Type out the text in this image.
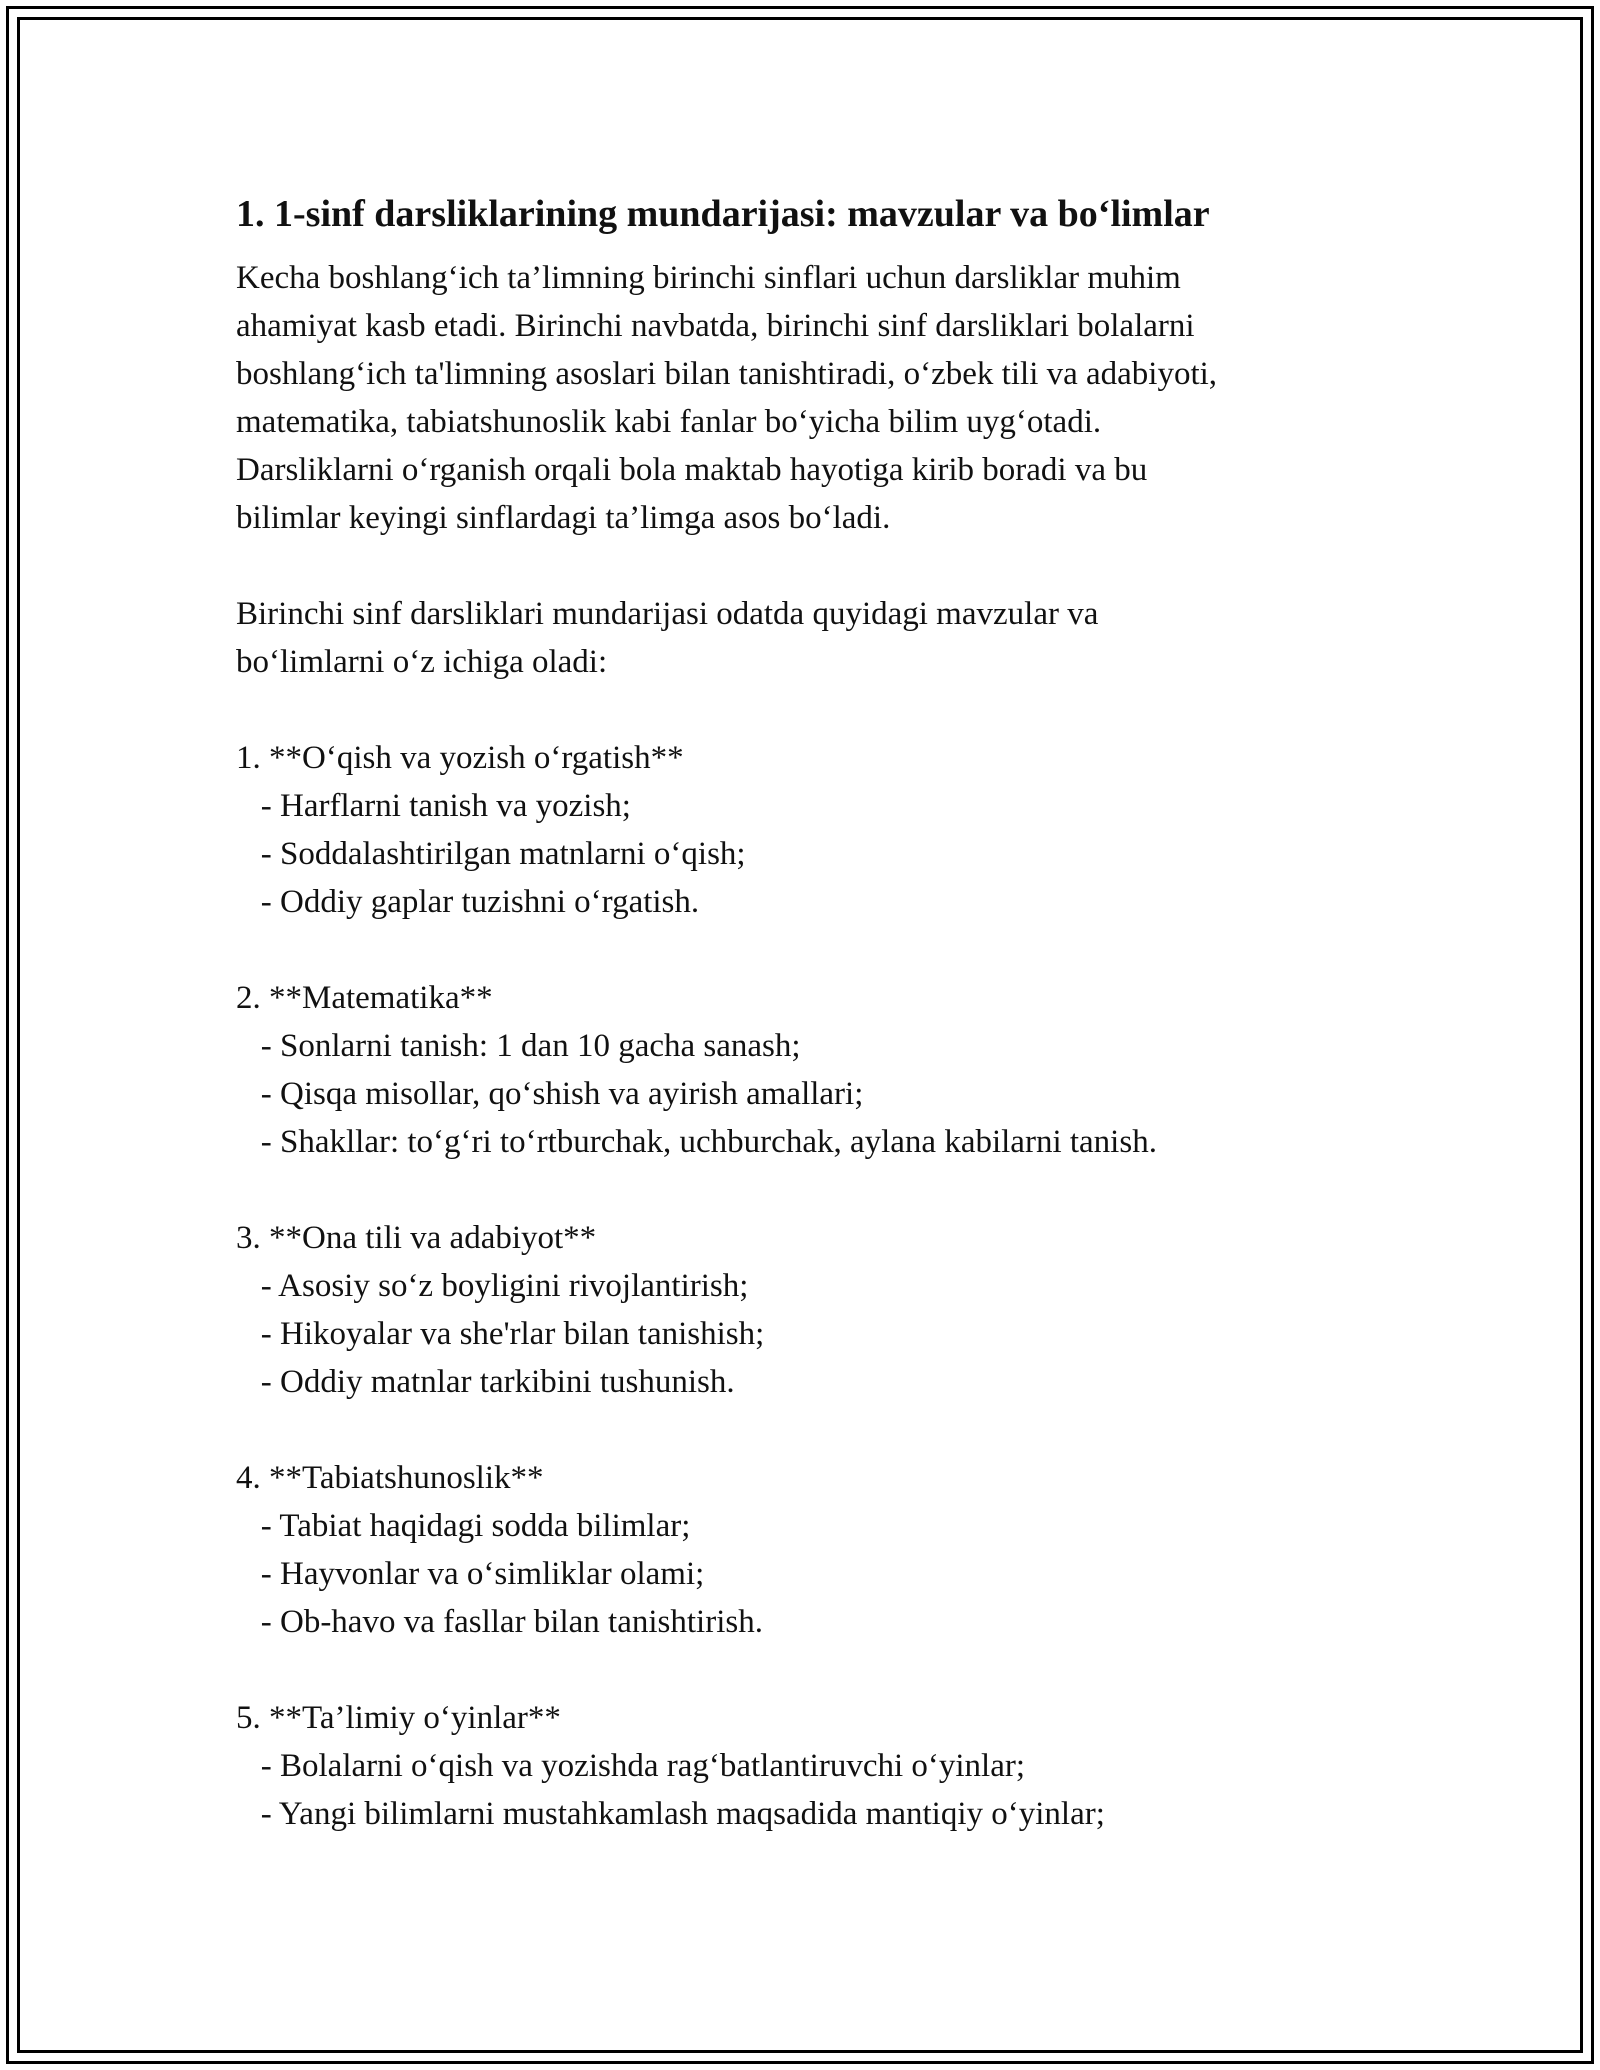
1. 1-sinf darsliklarining mundarijasi: mavzular va bo‘limlar
Kecha boshlang‘ich ta’limning birinchi sinflari uchun darsliklar muhim
ahamiyat kasb etadi. Birinchi navbatda, birinchi sinf darsliklari bolalarni
boshlang‘ich ta'limning asoslari bilan tanishtiradi, o‘zbek tili va adabiyoti,
matematika, tabiatshunoslik kabi fanlar bo‘yicha bilim uyg‘otadi.
Darsliklarni o‘rganish orqali bola maktab hayotiga kirib boradi va bu
bilimlar keyingi sinflardagi ta’limga asos bo‘ladi.
Birinchi sinf darsliklari mundarijasi odatda quyidagi mavzular va
bo‘limlarni o‘z ichiga oladi:
1. **O‘qish va yozish o‘rgatish**
- Harflarni tanish va yozish;
- Soddalashtirilgan matnlarni o‘qish;
- Oddiy gaplar tuzishni o‘rgatish.
2. **Matematika**
- Sonlarni tanish: 1 dan 10 gacha sanash;
- Qisqa misollar, qo‘shish va ayirish amallari;
- Shakllar: to‘g‘ri to‘rtburchak, uchburchak, aylana kabilarni tanish.
3. **Ona tili va adabiyot**
- Asosiy so‘z boyligini rivojlantirish;
- Hikoyalar va she'rlar bilan tanishish;
- Oddiy matnlar tarkibini tushunish.
4. **Tabiatshunoslik**
- Tabiat haqidagi sodda bilimlar;
- Hayvonlar va o‘simliklar olami;
- Ob-havo va fasllar bilan tanishtirish.
5. **Ta’limiy o‘yinlar**
- Bolalarni o‘qish va yozishda rag‘batlantiruvchi o‘yinlar;
- Yangi bilimlarni mustahkamlash maqsadida mantiqiy o‘yinlar;
